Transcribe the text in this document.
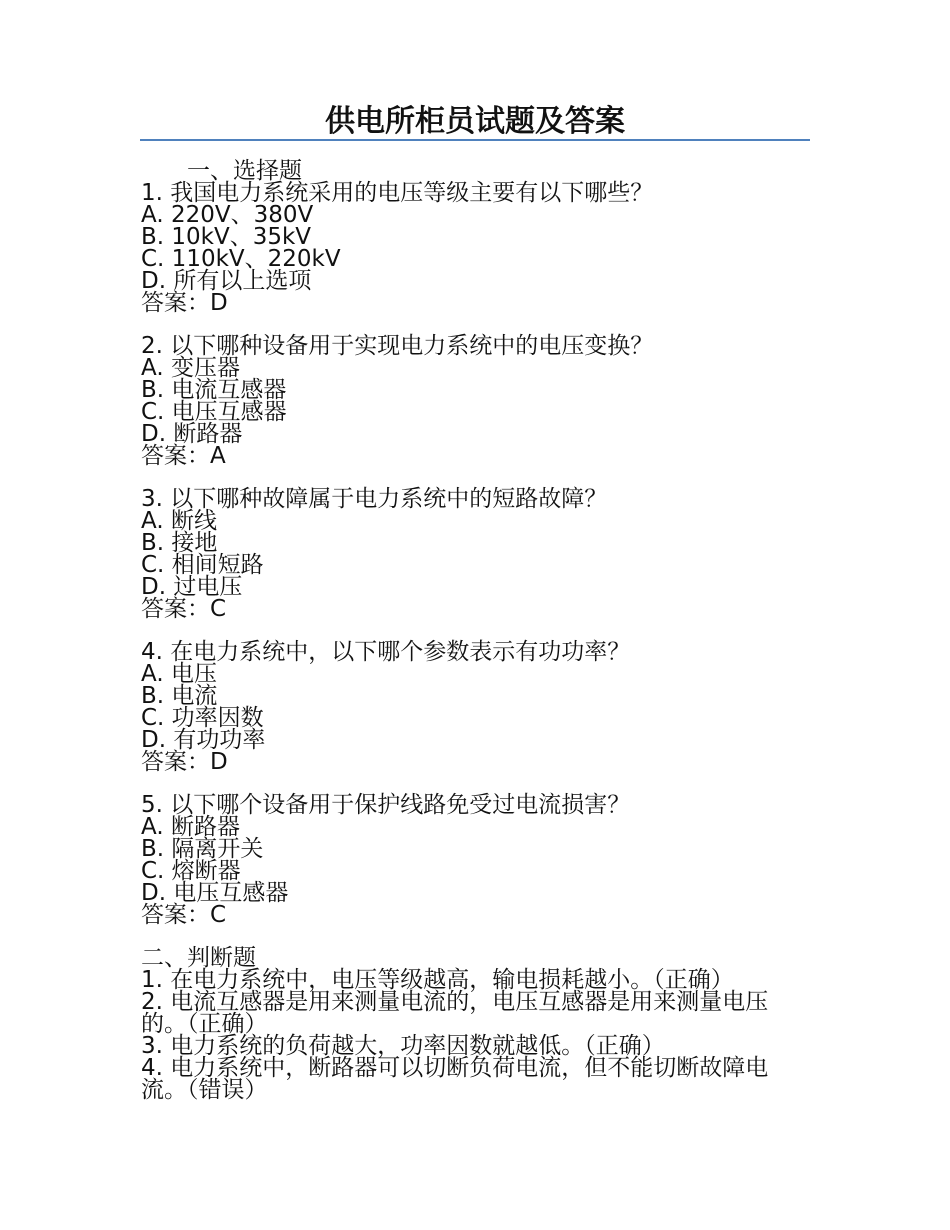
供电所柜员试题及答案
一、选择题
1. 我国电力系统采用的电压等级主要有以下哪些？
A. 220V、380V
B. 10kV、35kV
C. 110kV、220kV
D. 所有以上选项
答案：D
2. 以下哪种设备用于实现电力系统中的电压变换？
A. 变压器
B. 电流互感器
C. 电压互感器
D. 断路器
答案：A
3. 以下哪种故障属于电力系统中的短路故障？
A. 断线
B. 接地
C. 相间短路
D. 过电压
答案：C
4. 在电力系统中，以下哪个参数表示有功功率？
A. 电压
B. 电流
C. 功率因数
D. 有功功率
答案：D
5. 以下哪个设备用于保护线路免受过电流损害？
A. 断路器
B. 隔离开关
C. 熔断器
D. 电压互感器
答案：C
二、判断题
1. 在电力系统中，电压等级越高，输电损耗越小。（正确）
2. 电流互感器是用来测量电流的，电压互感器是用来测量电压的。（正确）
3. 电力系统的负荷越大，功率因数就越低。（正确）
4. 电力系统中，断路器可以切断负荷电流，但不能切断故障电流。（错误）
